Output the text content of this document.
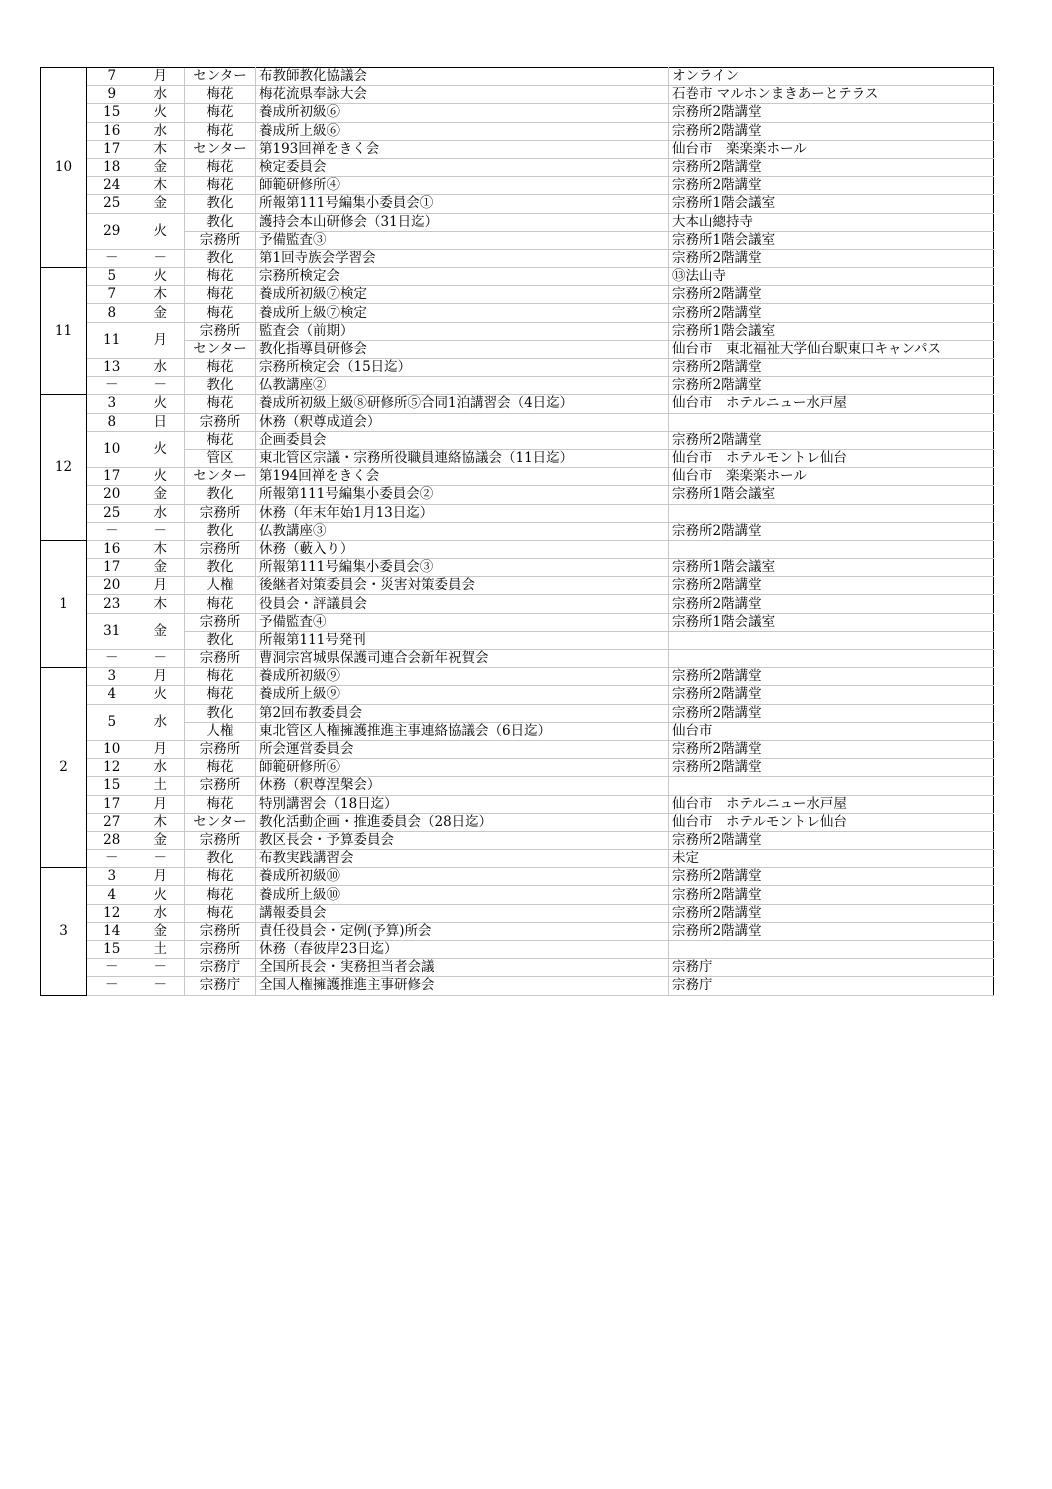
10	7	月	センター	布教師教化協議会	オンライン
	9	水	梅花	梅花流県奉詠大会	石巻市 マルホンまきあーとテラス
	15	火	梅花	養成所初級⑥	宗務所2階講堂
	16	水	梅花	養成所上級⑥	宗務所2階講堂
	17	木	センター	第193回禅をきく会	仙台市　楽楽楽ホール
	18	金	梅花	検定委員会	宗務所2階講堂
	24	木	梅花	師範研修所④	宗務所2階講堂
	25	金	教化	所報第111号編集小委員会①	宗務所1階会議室
	29	火	教化	護持会本山研修会（31日迄）	大本山總持寺
			宗務所	予備監査③	宗務所1階会議室
	－	－	教化	第1回寺族会学習会	宗務所2階講堂
11	5	火	梅花	宗務所検定会	⑬法山寺
	7	木	梅花	養成所初級⑦検定	宗務所2階講堂
	8	金	梅花	養成所上級⑦検定	宗務所2階講堂
	11	月	宗務所	監査会（前期）	宗務所1階会議室
			センター	教化指導員研修会	仙台市　東北福祉大学仙台駅東口キャンパス
	13	水	梅花	宗務所検定会（15日迄）	宗務所2階講堂
	－	－	教化	仏教講座②	宗務所2階講堂
12	3	火	梅花	養成所初級上級⑧研修所⑤合同1泊講習会（4日迄）	仙台市　ホテルニュー水戸屋
	8	日	宗務所	休務（釈尊成道会）	
	10	火	梅花	企画委員会	宗務所2階講堂
			管区	東北管区宗議・宗務所役職員連絡協議会（11日迄）	仙台市　ホテルモントレ仙台
	17	火	センター	第194回禅をきく会	仙台市　楽楽楽ホール
	20	金	教化	所報第111号編集小委員会②	宗務所1階会議室
	25	水	宗務所	休務（年末年始1月13日迄）	
	－	－	教化	仏教講座③	宗務所2階講堂
1	16	木	宗務所	休務（藪入り）	
	17	金	教化	所報第111号編集小委員会③	宗務所1階会議室
	20	月	人権	後継者対策委員会・災害対策委員会	宗務所2階講堂
	23	木	梅花	役員会・評議員会	宗務所2階講堂
	31	金	宗務所	予備監査④	宗務所1階会議室
			教化	所報第111号発刊	
	－	－	宗務所	曹洞宗宮城県保護司連合会新年祝賀会	
2	3	月	梅花	養成所初級⑨	宗務所2階講堂
	4	火	梅花	養成所上級⑨	宗務所2階講堂
	5	水	教化	第2回布教委員会	宗務所2階講堂
			人権	東北管区人権擁護推進主事連絡協議会（6日迄）	仙台市
	10	月	宗務所	所会運営委員会	宗務所2階講堂
	12	水	梅花	師範研修所⑥	宗務所2階講堂
	15	土	宗務所	休務（釈尊涅槃会）	
	17	月	梅花	特別講習会（18日迄）	仙台市　ホテルニュー水戸屋
	27	木	センター	教化活動企画・推進委員会（28日迄）	仙台市　ホテルモントレ仙台
	28	金	宗務所	教区長会・予算委員会	宗務所2階講堂
	－	－	教化	布教実践講習会	未定
3	3	月	梅花	養成所初級⑩	宗務所2階講堂
	4	火	梅花	養成所上級⑩	宗務所2階講堂
	12	水	梅花	講報委員会	宗務所2階講堂
	14	金	宗務所	責任役員会・定例(予算)所会	宗務所2階講堂
	15	土	宗務所	休務（春彼岸23日迄）	
	－	－	宗務庁	全国所長会・実務担当者会議	宗務庁
	－	－	宗務庁	全国人権擁護推進主事研修会	宗務庁
